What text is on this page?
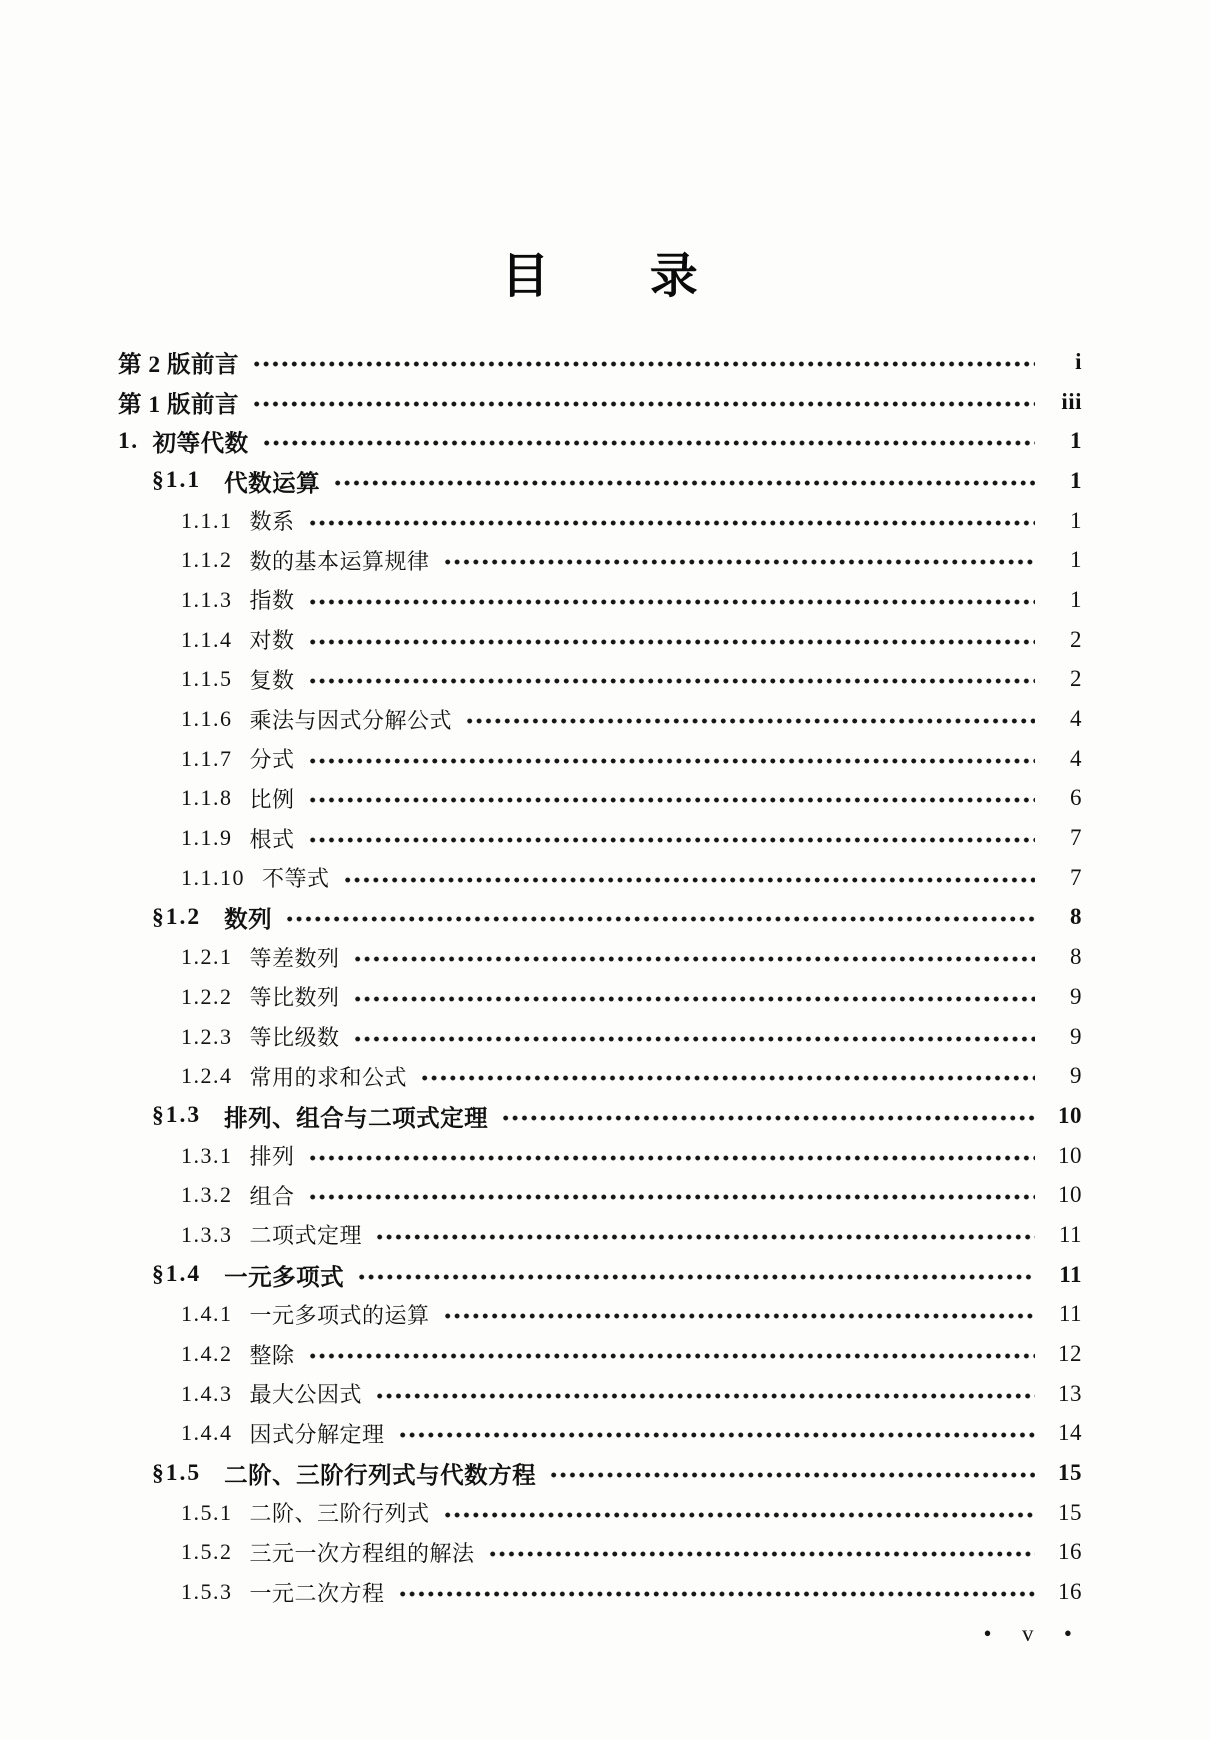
目 录
第 2 版前言	i
第 1 版前言	iii
1. 初等代数	1
§1.1 代数运算	1
1.1.1 数系	1
1.1.2 数的基本运算规律	1
1.1.3 指数	1
1.1.4 对数	2
1.1.5 复数	2
1.1.6 乘法与因式分解公式	4
1.1.7 分式	4
1.1.8 比例	6
1.1.9 根式	7
1.1.10 不等式	7
§1.2 数列	8
1.2.1 等差数列	8
1.2.2 等比数列	9
1.2.3 等比级数	9
1.2.4 常用的求和公式	9
§1.3 排列、组合与二项式定理	10
1.3.1 排列	10
1.3.2 组合	10
1.3.3 二项式定理	11
§1.4 一元多项式	11
1.4.1 一元多项式的运算	11
1.4.2 整除	12
1.4.3 最大公因式	13
1.4.4 因式分解定理	14
§1.5 二阶、三阶行列式与代数方程	15
1.5.1 二阶、三阶行列式	15
1.5.2 三元一次方程组的解法	16
1.5.3 一元二次方程	16
• v •
